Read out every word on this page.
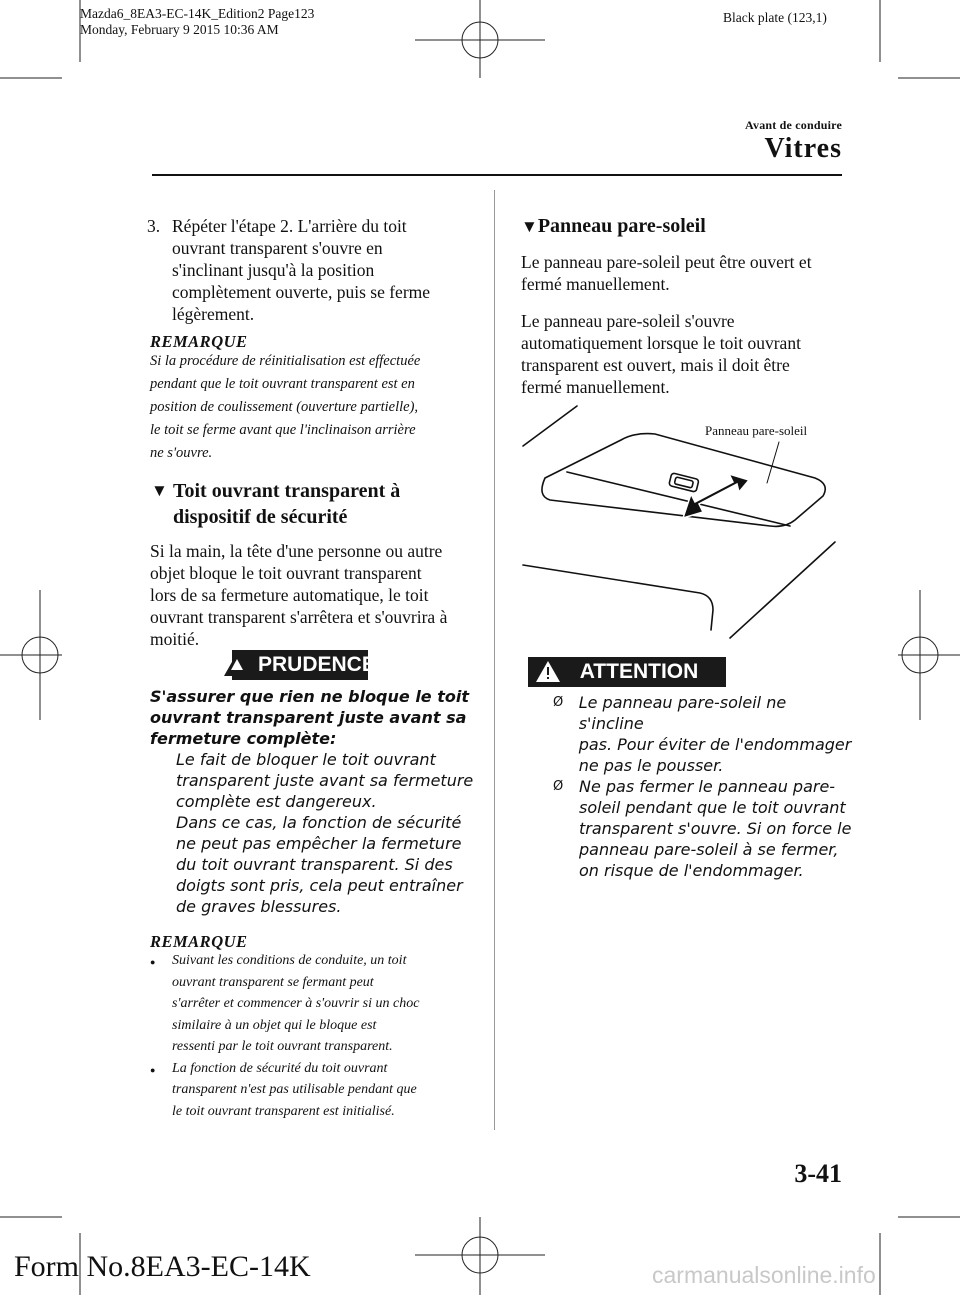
Mazda6_8EA3-EC-14K_Edition2 Page123
Monday, February 9 2015 10:36 AM
Black plate (123,1)
Avant de conduire
Vitres
3. Répéter l'étape 2. L'arrière du toit
ouvrant transparent s'ouvre en
s'inclinant jusqu'à la position
complètement ouverte, puis se ferme
légèrement.
REMARQUE
Si la procédure de réinitialisation est effectuée
pendant que le toit ouvrant transparent est en
position de coulissement (ouverture partielle),
le toit se ferme avant que l'inclinaison arrière
ne s'ouvre.
▼ Toit ouvrant transparent à
dispositif de sécurité
Si la main, la tête d'une personne ou autre
objet bloque le toit ouvrant transparent
lors de sa fermeture automatique, le toit
ouvrant transparent s'arrêtera et s'ouvrira à
moitié.
PRUDENCE
S'assurer que rien ne bloque le toit
ouvrant transparent juste avant sa
fermeture complète:
Le fait de bloquer le toit ouvrant
transparent juste avant sa fermeture
complète est dangereux.
Dans ce cas, la fonction de sécurité
ne peut pas empêcher la fermeture
du toit ouvrant transparent. Si des
doigts sont pris, cela peut entraîner
de graves blessures.
REMARQUE
●	Suivant les conditions de conduite, un toit
ouvrant transparent se fermant peut
s'arrêter et commencer à s'ouvrir si un choc
similaire à un objet qui le bloque est
ressenti par le toit ouvrant transparent.
●	La fonction de sécurité du toit ouvrant
transparent n'est pas utilisable pendant que
le toit ouvrant transparent est initialisé.
▼Panneau pare-soleil
Le panneau pare-soleil peut être ouvert et
fermé manuellement.
Le panneau pare-soleil s'ouvre
automatiquement lorsque le toit ouvrant
transparent est ouvert, mais il doit être
fermé manuellement.
Panneau pare-soleil
ATTENTION
Ø Le panneau pare-soleil ne s'incline
pas. Pour éviter de l'endommager
ne pas le pousser.
Ø Ne pas fermer le panneau pare-
soleil pendant que le toit ouvrant
transparent s'ouvre. Si on force le
panneau pare-soleil à se fermer,
on risque de l'endommager.
3-41
Form No.8EA3-EC-14K	carmanualsonline.info
